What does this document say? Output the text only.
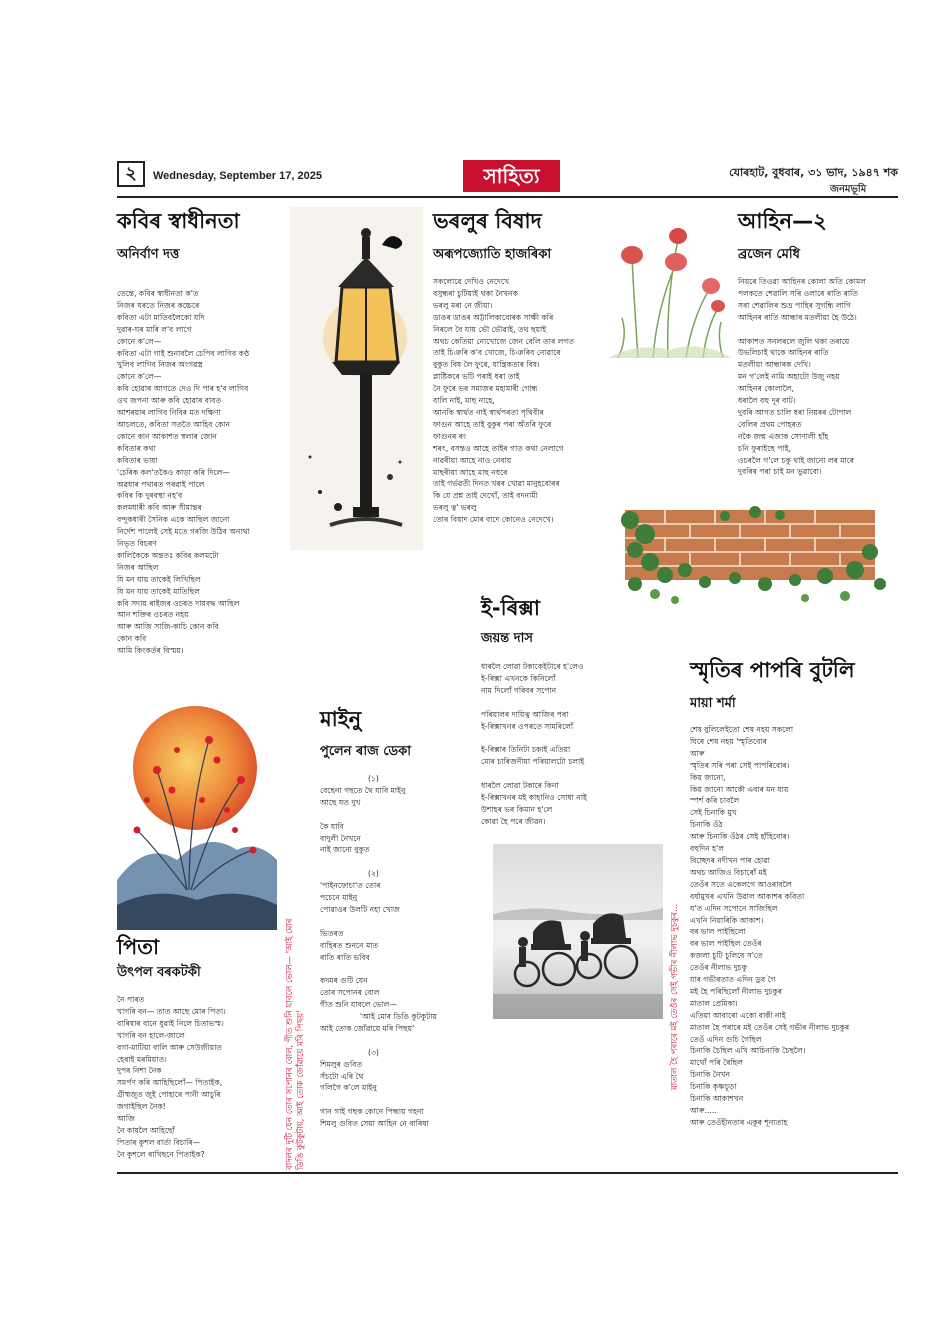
২	Wednesday, September 17, 2025	সাহিত্য	যোৰহাট, বুধবাৰ, ৩১ ভাদ, ১৯৪৭ শক
জনমভূমি
কবিৰ স্বাধীনতা
অনিৰ্বাণ দত্ত
তেন্তে, কবিৰ স্বাধীনতা ক'ত
নিজৰ ঘৰতে নিজৰ কচ্চেৰে
কবিতা এটা মাতিবলৈকো যদি
দুৱাৰ-ঘৰ মাৰি ল'ব লাগে
কোনে ক'লে—
কবিতা এটা গাই শুনাবলৈ চেপিব লাগিব কণ্ঠ
খুলিব লাগিব নিজৰ অংগৱস্ত্ৰ
কোনে ক'লে—
কবি হোৱাৰ আগতে দেও দি পাৰ হ'ব লাগিব
ওখ জপনা আৰু কবি হোৱাৰ বাবত
আশৰয়াৰ লাগিব নিবিৰ মত দক্ষিণা
আচলতে, কবিতা সততৈ আহিব কোন
কোনে কান আকাশত স্বলাৰ জোন
কবিতাৰ কথা
কবিতাৰ ভাষা
'চেৰিক কল'তকৈও কাড়া কৰি দিলে—
অৱধাৰ পথাৰত পৰৱাই পালে
কবিৰ কি দুৰবস্থা নহ'ব
কলমধাৰী কবি আৰু সীমান্তৰ
বন্দুকধাৰী সৈনিক একে আছিল জানো
নিৰ্দেশ পালেই সেই মতে গৰজি উঠিব অন্যথা
নিভৃত বিচৰণ
কালিকৈকে অন্ততঃ কবিৰ কলমটো
নিজৰ আছিল
যি মন যায় তাকেই লিখিছিল
যি মন যায় তাকেই মাতিছিল
কবি সদায় ৰাইজৰ ওচৰত দায়বদ্ধ আছিল
আন শক্তিৰ ওচৰত নহয়
আৰু আজি সাজি-কাচি কোন কবি
কোন কবি
আমি কিংকৰ্তৰ বিস্ময়।
ভৰলুৰ বিষাদ
অৰূপজ্যোতি হাজৰিকা
সকলোৱে দেখিও নেদেখে
বসুন্ধৰা চুটিয়াই থকা নৈখনক
ভৰলু মৰা নে জীয়া।
ডাঙৰ ডাঙৰ অট্টালিকাবোৰক সাক্ষী কৰি
নিৰলে বৈ যায় ভৌ ভৌৱাই, তথ ছয়াই
অথচ কেতিয়া নোখোজে জেন বেলি তাৰ লগত
তাই চিঞৰি ক'ব খোজে, চিঞৰিব নোৱাৰে
বুকুত বিষ লৈ ফুৰে, যান্ত্ৰিকতাৰ বিষ।
প্লাষ্টিকৰে ভটি পৰাই ধৰা তাই
নৈ ফুৰে ভৰ সমাজৰ মহামাৰী গোন্ধ
বালি নাই, মাছ নাহে,
আনকি স্বাৰ্থত নাই স্বাৰ্থপৰতা পৃথিবীৰ
ফাগুন আহে তাই বুকুৰ পৰা অঁতৰি ফুৰে
ফাগুনৰ ৰং
শৰৎ, বসন্তও আহে তাইৰ গাত কথা নেলাগে
নাৱৰীয়া আহে নাও নেবায়
মাছৰীয়া আহে মাছ নধৰে
তাই গৰ্ভৱতী দিনত খৰৰ খোৱা মানুহবোৰৰ
কি যে প্ৰশ্ন তাই দেখোঁ, তাই বদনামী
ভৰলু ত্ব' ভৰলু
তোৰ বিষাদ মোৰ বাদে কোনেও নেদেখে।
আহিন—২
ব্ৰজেন মেধি
নিয়ৰে তিওৱা আহিনৰ কোলা অতি কোমল
পলকতে শেৱালি সৰি ওলাৰে ৰাতি ৰাতি
সৰা শেৱালিৰ শুভ্ৰ পাহিৰ সুগন্ধি লাগি
আহিনৰ ৰাতি আন্ধাৰ মতলীয়া হৈ উঠে।
আকাশত সনলৰলে জুলি থকা তৰায়ে
উভলিচাই থাকে আহিনৰ ৰাতি
মতলীয়া আন্ধাৰক দেখি।
মন গ'লেই নামি অহাটো উজু নহয়
আহিনৰ কোলালৈ,
ধৰালৈ বহু দূৰ বাট।
দুবৰি আগত চালি ধৰা নিয়ৰৰ টোপাল
বেলিৰ প্ৰথম পোহৰত
নকৈ জন্ম এজাক সোণালী হাঁহ
চনি ফুৰাইছে পাই,
ওচৰলৈ গ'লে চকু থাই জানো লৰ মাৰে
দুবৰিৰ পৰা চাই মন ভুৱাবো।
ই-ৰিক্সা
জয়ন্ত দাস
ধাৰলৈ লোৱা টকাকেইটাৰে হ'লেও
ই-ৰিক্সা এখনকে কিনিলোঁ
নাম দিলোঁ গৰিবৰ সপোন
পৰিয়ালৰ দায়িত্ব আজিৰ পৰা
ই-ৰিক্সাখনৰ ওপৰতে সামৰিলোঁ
ই-ৰিক্সাৰ তিনিটা চকাই এতিয়া
মোৰ চাৰিজনীয়া পৰিয়ালটো চলাই
ধাৰলৈ লোৱা টকাৰে কিনা
ই-ৰিক্সাখনৰ মই কাহানিও সোধা নাই
উশাহৰ ভৰ কিমান হ'লে
কোৱা হৈ পৰে জীৱন।
মাতাল হৈ পৰাৰে মই তেওঁৰ সেই গভীৰ নীলাভ দুচকুৰ...
স্মৃতিৰ পাপৰি বুটলি
মায়া শৰ্মা
শেষ বুলিলেইতো শেষ নহয় সকলো
ঘিৰে শেষ নহয় 'স্মৃতিবোৰ
আৰু
স্মৃতিৰ সৰি পৰা সেই পাপৰিবোৰ।
কিয় জানো,
কিয় জানো আকৌ এবাৰ মন যায়
স্পৰ্শ কৰি চাবলৈ
সেই চিনাকি মুখ
চিনাকি ওঁঠ
আৰু চিনাকি ওঁঠৰ সেই হাঁহিবোৰ।
বহুদিন হ'ল
বিচ্ছেদৰ নদীখন পাৰ হোৱা
অথচ আজিও বিচাৰোঁ মই
তেওঁৰ সতে একেলগে আওৰাবলৈ
বৰ্ষামুখৰ এখনি উৱাল আকাশৰ কবিতা
য'ত এদিন সপোনে সাজিছিল
এখনি নিয়াৰিকি আকাশ।
বৰ ভাল পাইছিলো
বৰ ভাল পাইছিল তেওঁৰ
কজলা চুটি চুলিবে স'তে
তেওঁৰ নীলাভ দুচকু
যাৰ গভীৰতাত এদিন ডুব গৈ
মই হৈ পৰিছিলোঁ নীলাভ দুচকুৰ
মাতাল প্ৰেমিকা।
এতিয়া আবাৰো একো বাকী নাই
মাতাল হৈ পৰাৰে মই তেওঁৰ সেই গভীৰ নীলাভ দুচকুৰ
তেওঁ এদিন গুচি গৈছিল
চিনাকি চৈছিল এখি আচিনাকি চৈছলৈ।
মাথোঁ পৰি ৰৈছিল
চিনাকি নৈখন
চিনাকি কৃষ্ণচূড়া
চিনাকি আকাশখন
আৰু.....
আৰু তেওঁহীনতাৰ একুৰ শূন্যতাহ
পিতা
উৎপল বৰকটকী
নৈ পাৰত
খাগৰি বন— তাত আছে মোৰ পিতা।
বাৰিষাৰ বানে ধুৱাই নিলে চিতাভস্ম।
খাগৰি বন হালে-জালে
বগা-মাটিয়া বালি আৰু সেউজীয়াত
হেৰাই মৰমিয়াত।
দুপৰ নিশা নৈক
সমৰ্পণ কৰি আহিছিলোঁ— পিতাইক,
গ্ৰীষ্মজুত জুই পোহাৰে পানী আচুৰি
জগাইছিল নৈক!
আজি
নৈ কাষলৈ আহিছোঁ
পিতাৰ কুশল বাৰ্তা বিচাৰি—
নৈ কুশলে ৰাখিছনে পিতাইক?	বাদলৰ দুটি যেন তোৰ সপোনৰ বোল, গীত শুনি যাবলে ভোল— 'আই মোৰ ডিঙি কুটকুটায়, আই তোক জোঁৱায়ে মৰি পিছয়'
মাইনু
পুলেন ৰাজ ডেকা
(১)
বেছেনা গছতে থৈ যাবি মাইনু
আছে যত দুখ
কৈ যাবি
বাদুলী নৈখনে
নাই জানো বুকুত
(২)
'পাইনফোচা'ত তোৰ
পচেনে মাইনু
পোৱাওৰ উলটি নহা খোজ
ভিতৰত
বাহিৰত শুননে মাত
ৰাতি ৰাতি ভবিব
কদমৰ গুটি যেন
তোৰ সপোনৰ বোল
গীত শুনি যাবলে ভোল—
'আই মোৰ ডিঙি কুটকুটায়
আই তোক জোঁৱায়ে মৰি পিছয়'
(৩)
শিমলুৰ গুবিত
সঁচটো এৰি থৈ
গলিগৈ ক'লে মাইনু
গান গাই গছক কোনে পিন্ধায় গহনা
শিমলু গুবিত সেয়া আহিন নে বাৰিষা
